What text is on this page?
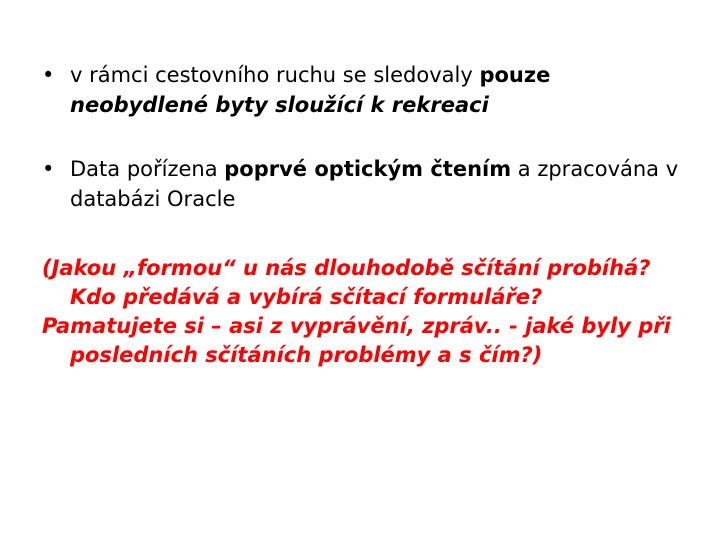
• v rámci cestovního ruchu se sledovaly pouze neobydlené byty sloužící k rekreaci
• Data pořízena poprvé optickým čtením a zpracována v databázi Oracle

(Jakou „formou“ u nás dlouhodobě sčítání probíhá? Kdo předává a vybírá sčítací formuláře?

Pamatujete si – asi z vyprávění, zpráv.. - jaké byly při posledních sčítáních problémy a s čím?)
